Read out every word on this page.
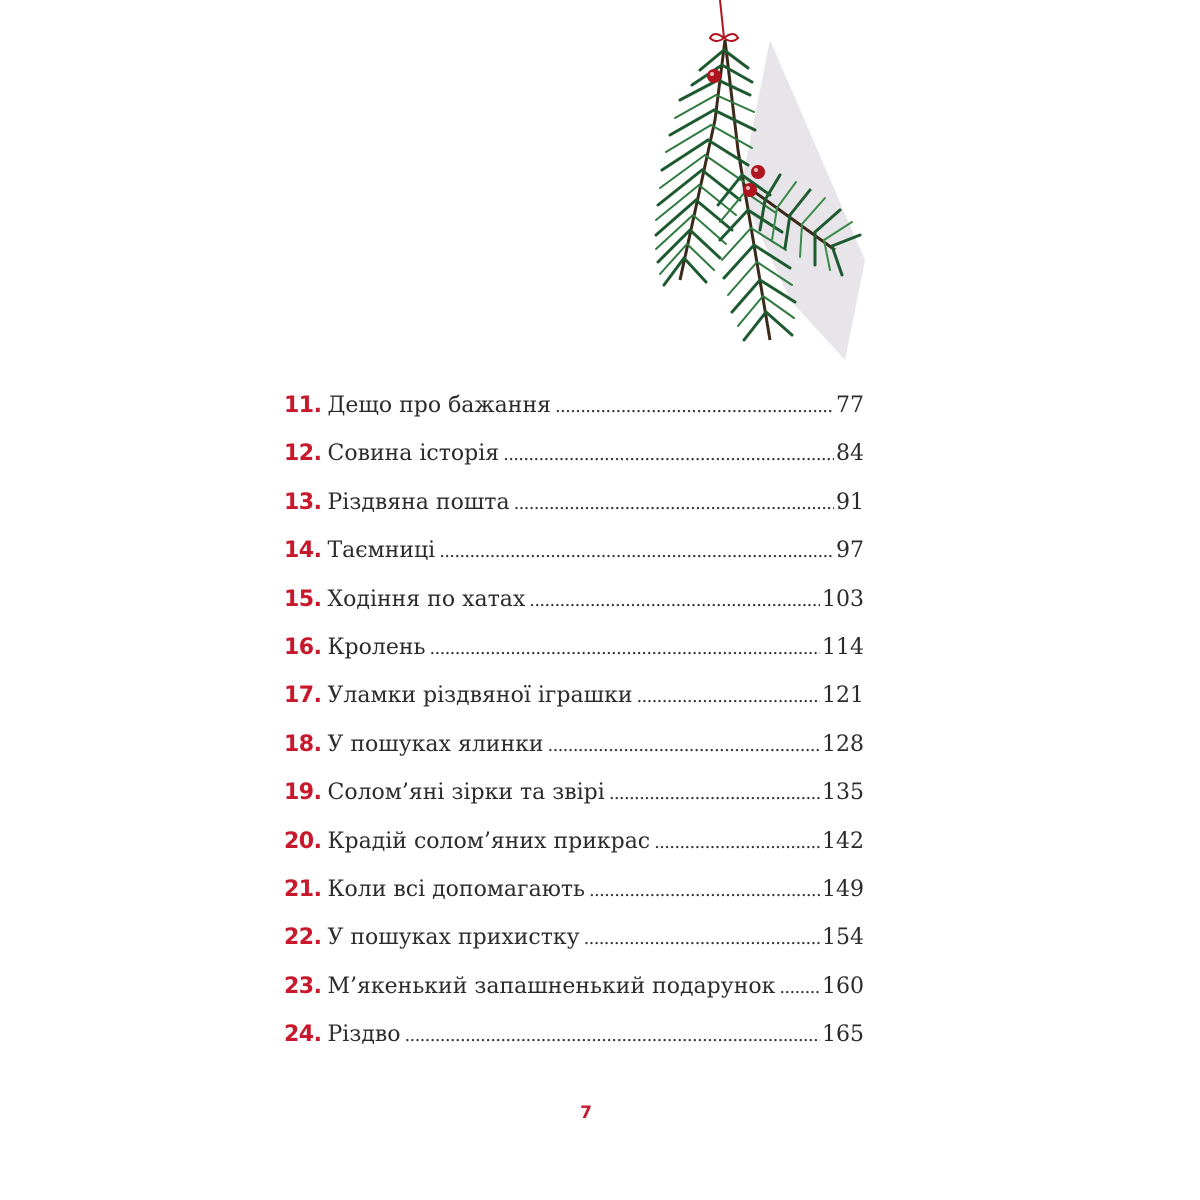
11. Дещо про бажання . . .	77
12. Совина історія . . .	84
13. Різдвяна пошта . . .	91
14. Таємниці . . .	97
15. Ходіння по хатах . . .	103
16. Кролень . . .	114
17. Уламки різдвяної іграшки . . .	121
18. У пошуках ялинки . . .	128
19. Солом’яні зірки та звірі . . .	135
20. Крадій солом’яних прикрас . . .	142
21. Коли всі допомагають . . .	149
22. У пошуках прихистку . . .	154
23. М’якенький запашненький подарунок . . . 160
24. Різдво . . .	165
7
